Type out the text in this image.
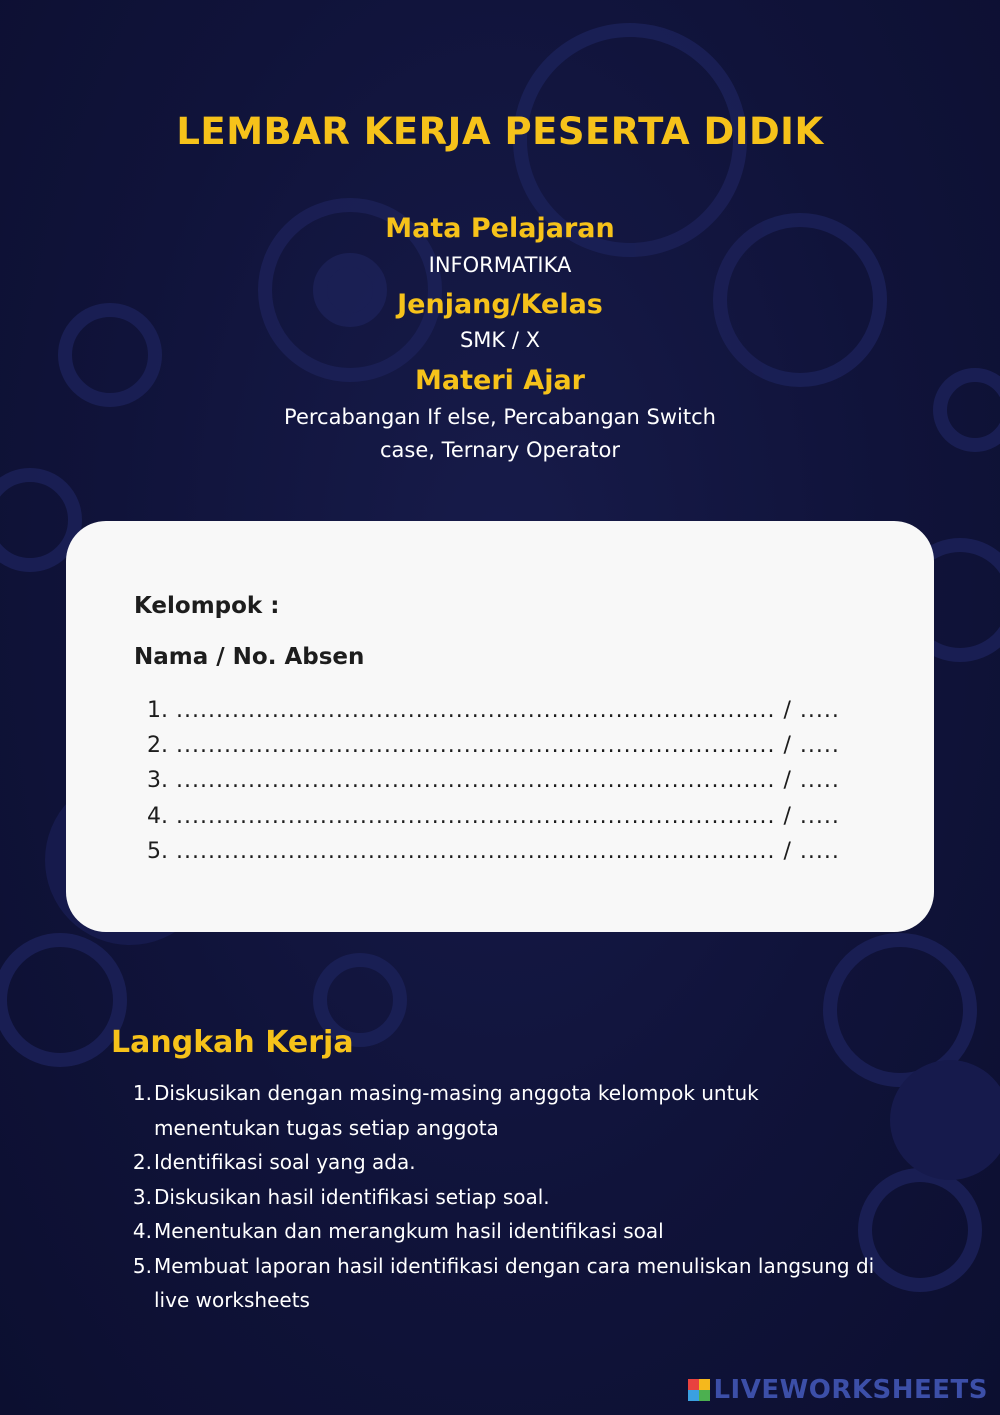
LEMBAR KERJA PESERTA DIDIK
Mata Pelajaran
INFORMATIKA
Jenjang/Kelas
SMK / X
Materi Ajar
Percabangan If else, Percabangan Switch
case, Ternary Operator
Kelompok :
Nama / No. Absen
1. ........................................................................... / .....
2. ........................................................................... / .....
3. ........................................................................... / .....
4. ........................................................................... / .....
5. ........................................................................... / .....
Langkah Kerja
1. Diskusikan dengan masing-masing anggota kelompok untuk menentukan tugas setiap anggota
2. Identifikasi soal yang ada.
3. Diskusikan hasil identifikasi setiap soal.
4. Menentukan dan merangkum hasil identifikasi soal
5. Membuat laporan hasil identifikasi dengan cara menuliskan langsung di live worksheets
LIVEWORKSHEETS
